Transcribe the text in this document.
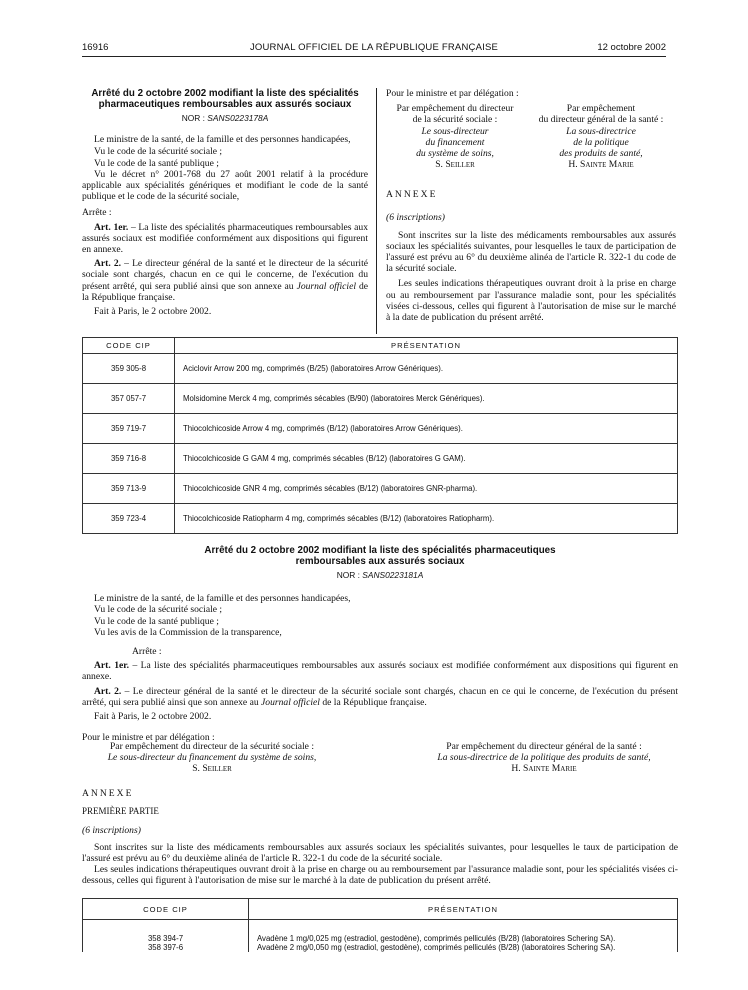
16916	JOURNAL OFFICIEL DE LA RÉPUBLIQUE FRANÇAISE	12 octobre 2002
Arrêté du 2 octobre 2002 modifiant la liste des spécialités
pharmaceutiques remboursables aux assurés sociaux
NOR : SANS0223178A

Le ministre de la santé, de la famille et des personnes handicapées,

Vu le code de la sécurité sociale ;

Vu le code de la santé publique ;

Vu le décret n° 2001-768 du 27 août 2001 relatif à la procédure applicable aux spécialités génériques et modifiant le code de la santé publique et le code de la sécurité sociale,

Arrête :

Art. 1er. – La liste des spécialités pharmaceutiques remboursables aux assurés sociaux est modifiée conformément aux dispositions qui figurent en annexe.

Art. 2. – Le directeur général de la santé et le directeur de la sécurité sociale sont chargés, chacun en ce qui le concerne, de l'exécution du présent arrêté, qui sera publié ainsi que son annexe au Journal officiel de la République française.

Fait à Paris, le 2 octobre 2002.

Pour le ministre et par délégation :

Par empêchement du directeur
de la sécurité sociale :
Le sous-directeur
du financement
du système de soins,
S. Seiller
Par empêchement
du directeur général de la santé :
La sous-directrice
de la politique
des produits de santé,
H. Sainte Marie

ANNEXE

(6 inscriptions)

Sont inscrites sur la liste des médicaments remboursables aux assurés sociaux les spécialités suivantes, pour lesquelles le taux de participation de l'assuré est prévu au 6° du deuxième alinéa de l'article R. 322-1 du code de la sécurité sociale.

Les seules indications thérapeutiques ouvrant droit à la prise en charge ou au remboursement par l'assurance maladie sont, pour les spécialités visées ci-dessous, celles qui figurent à l'autorisation de mise sur le marché à la date de publication du présent arrêté.

CODE CIP	PRÉSENTATION
359 305-8	Aciclovir Arrow 200 mg, comprimés (B/25) (laboratoires Arrow Génériques).
357 057-7	Molsidomine Merck 4 mg, comprimés sécables (B/90) (laboratoires Merck Génériques).
359 719-7	Thiocolchicoside Arrow 4 mg, comprimés (B/12) (laboratoires Arrow Génériques).
359 716-8	Thiocolchicoside G GAM 4 mg, comprimés sécables (B/12) (laboratoires G GAM).
359 713-9	Thiocolchicoside GNR 4 mg, comprimés sécables (B/12) (laboratoires GNR-pharma).
359 723-4	Thiocolchicoside Ratiopharm 4 mg, comprimés sécables (B/12) (laboratoires Ratiopharm).
Arrêté du 2 octobre 2002 modifiant la liste des spécialités pharmaceutiques
remboursables aux assurés sociaux
NOR : SANS0223181A

Le ministre de la santé, de la famille et des personnes handicapées,

Vu le code de la sécurité sociale ;

Vu le code de la santé publique ;

Vu les avis de la Commission de la transparence,

Arrête :

Art. 1er. – La liste des spécialités pharmaceutiques remboursables aux assurés sociaux est modifiée conformément aux dispositions qui figurent en annexe.

Art. 2. – Le directeur général de la santé et le directeur de la sécurité sociale sont chargés, chacun en ce qui le concerne, de l'exécution du présent arrêté, qui sera publié ainsi que son annexe au Journal officiel de la République française.

Fait à Paris, le 2 octobre 2002.

Pour le ministre et par délégation :

Par empêchement du directeur de la sécurité sociale :
Le sous-directeur du financement du système de soins,
S. Seiller
Par empêchement du directeur général de la santé :
La sous-directrice de la politique des produits de santé,
H. Sainte Marie

ANNEXE

PREMIÈRE PARTIE

(6 inscriptions)

Sont inscrites sur la liste des médicaments remboursables aux assurés sociaux les spécialités suivantes, pour lesquelles le taux de participation de l'assuré est prévu au 6° du deuxième alinéa de l'article R. 322-1 du code de la sécurité sociale.

Les seules indications thérapeutiques ouvrant droit à la prise en charge ou au remboursement par l'assurance maladie sont, pour les spécialités visées ci-dessous, celles qui figurent à l'autorisation de mise sur le marché à la date de publication du présent arrêté.

CODE CIP	PRÉSENTATION
358 394-7	Avadène 1 mg/0,025 mg (estradiol, gestodène), comprimés pelliculés (B/28) (laboratoires Schering SA).
358 397-6	Avadène 2 mg/0,050 mg (estradiol, gestodène), comprimés pelliculés (B/28) (laboratoires Schering SA).
